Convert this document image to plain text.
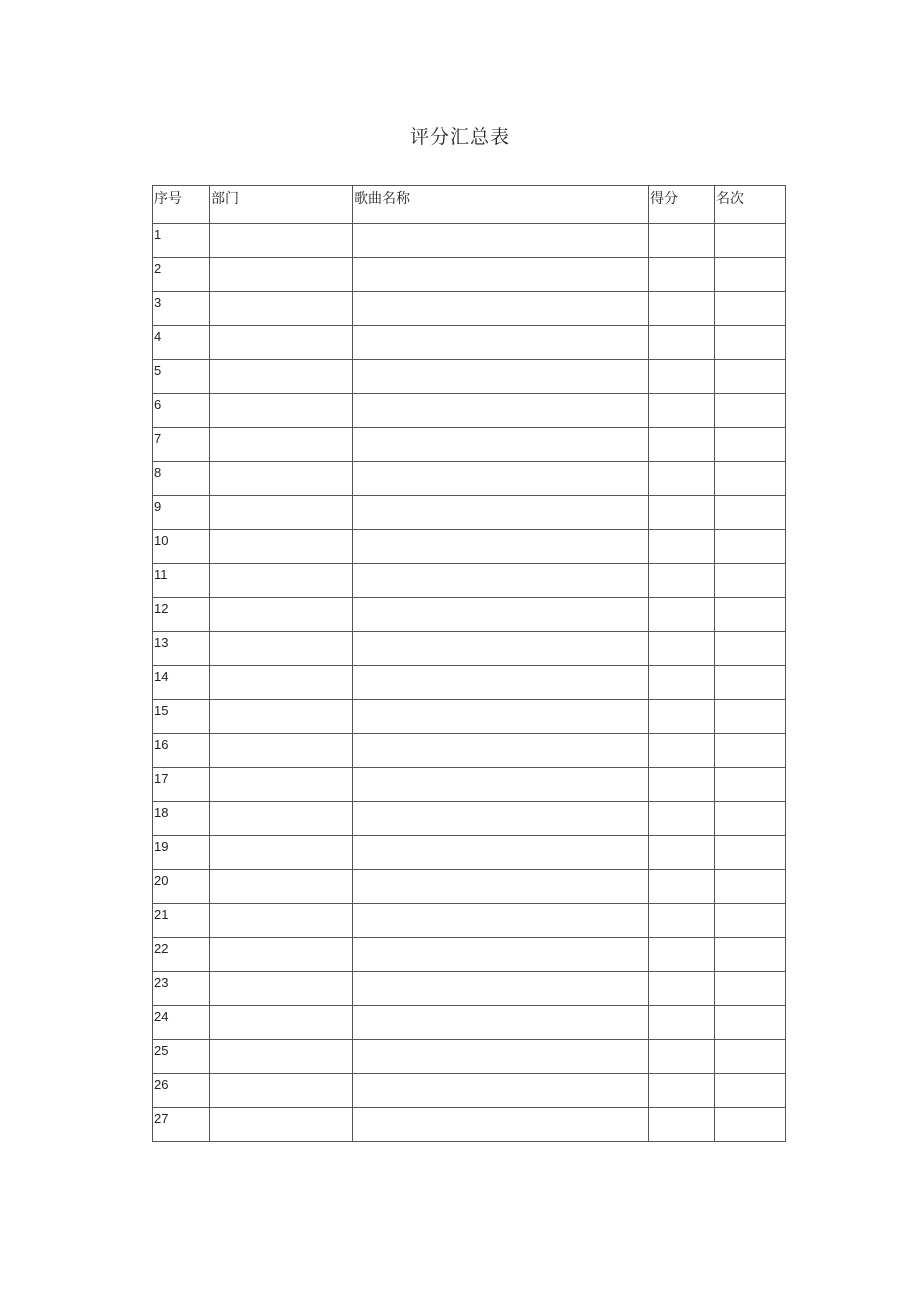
评分汇总表
序号	部门	歌曲名称	得分	名次
1				
2				
3				
4				
5				
6				
7				
8				
9				
10				
11				
12				
13				
14				
15				
16				
17				
18				
19				
20				
21				
22				
23				
24				
25				
26				
27				
